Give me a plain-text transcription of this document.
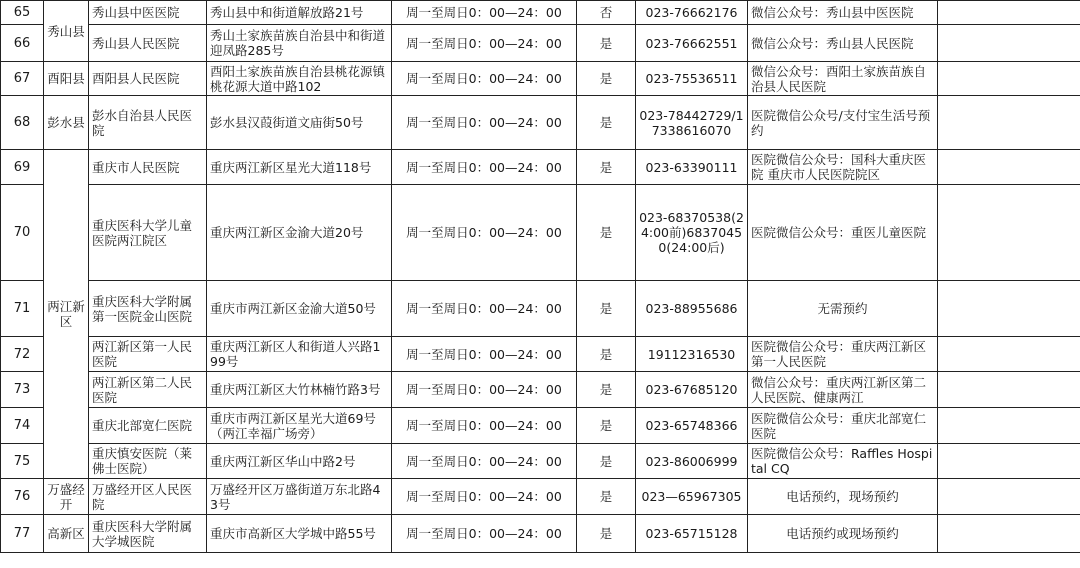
65	秀山县	秀山县中医医院	秀山县中和街道解放路21号	周一至周日0：00—24：00	否	023-76662176	微信公众号：秀山县中医医院	
66		秀山县人民医院	秀山土家族苗族自治县中和街道迎凤路285号	周一至周日0：00—24：00	是	023-76662551	微信公众号：秀山县人民医院	
67	酉阳县	酉阳县人民医院	酉阳土家族苗族自治县桃花源镇桃花源大道中路102	周一至周日0：00—24：00	是	023-75536511	微信公众号：酉阳土家族苗族自治县人民医院	
68	彭水县	彭水自治县人民医院	彭水县汉葭街道文庙街50号	周一至周日0：00—24：00	是	023-78442729/17338616070	医院微信公众号/支付宝生活号预约	
69	两江新区	重庆市人民医院	重庆两江新区星光大道118号	周一至周日0：00—24：00	是	023-63390111	医院微信公众号：国科大重庆医院 重庆市人民医院院区	
70		重庆医科大学儿童医院两江院区	重庆两江新区金渝大道20号	周一至周日0：00—24：00	是	023-68370538(24:00前)68370450(24:00后)	医院微信公众号：重医儿童医院	
71		重庆医科大学附属第一医院金山医院	重庆市两江新区金渝大道50号	周一至周日0：00—24：00	是	023-88955686	无需预约	
72		两江新区第一人民医院	重庆两江新区人和街道人兴路199号	周一至周日0：00—24：00	是	19112316530	医院微信公众号：重庆两江新区第一人民医院	
73		两江新区第二人民医院	重庆两江新区大竹林楠竹路3号	周一至周日0：00—24：00	是	023-67685120	微信公众号：重庆两江新区第二人民医院、健康两江	
74		重庆北部宽仁医院	重庆市两江新区星光大道69号（两江幸福广场旁）	周一至周日0：00—24：00	是	023-65748366	医院微信公众号：重庆北部宽仁医院	
75		重庆慎安医院（莱佛士医院）	重庆两江新区华山中路2号	周一至周日0：00—24：00	是	023-86006999	医院微信公众号：Raffles Hospital CQ	
76	万盛经开	万盛经开区人民医院	万盛经开区万盛街道万东北路43号	周一至周日0：00—24：00	是	023—65967305	电话预约，现场预约	
77	高新区	重庆医科大学附属大学城医院	重庆市高新区大学城中路55号	周一至周日0：00—24：00	是	023-65715128	电话预约或现场预约	
